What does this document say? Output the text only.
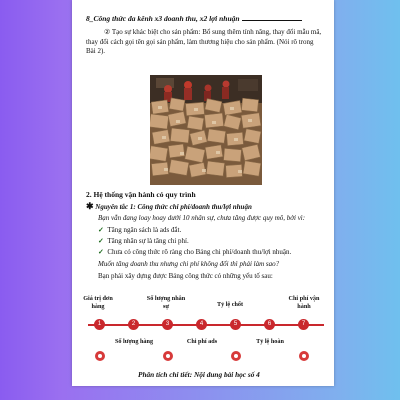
8_Công thức đa kênh x3 doanh thu, x2 lợi nhuận
② Tạo sự khác biệt cho sản phẩm: Bổ sung thêm tính năng, thay đổi mẫu mã, thay đổi cách gọi tên gọi sản phẩm, làm thương hiệu cho sản phẩm. (Nói rõ trong Bài 2).
2. Hệ thống vận hành có quy trình
✱ Nguyên tắc 1: Công thức chi phí/doanh thu/lợi nhuận
Bạn vẫn đang loay hoay dưới 10 nhân sự, chưa tăng được quy mô, bởi vì:
✓ Tăng ngân sách là ads đắt.
✓ Tăng nhân sự là tăng chi phí.
✓ Chưa có công thức rõ ràng cho Bảng chi phí/doanh thu/lợi nhuận.
Muốn tăng doanh thu nhưng chi phí không đổi thì phải làm sao?
Bạn phải xây dựng được Bảng công thức có những yếu tố sau:
Giá trị đơn hàng
Số lượng nhân sự	Tỷ lệ chốt
Chi phí vận hành
1	2	3	4	5	6	7
Số lượng hàng	Chi phí ads	Tỷ lệ hoàn
Phân tích chi tiết: Nội dung bài học số 4
